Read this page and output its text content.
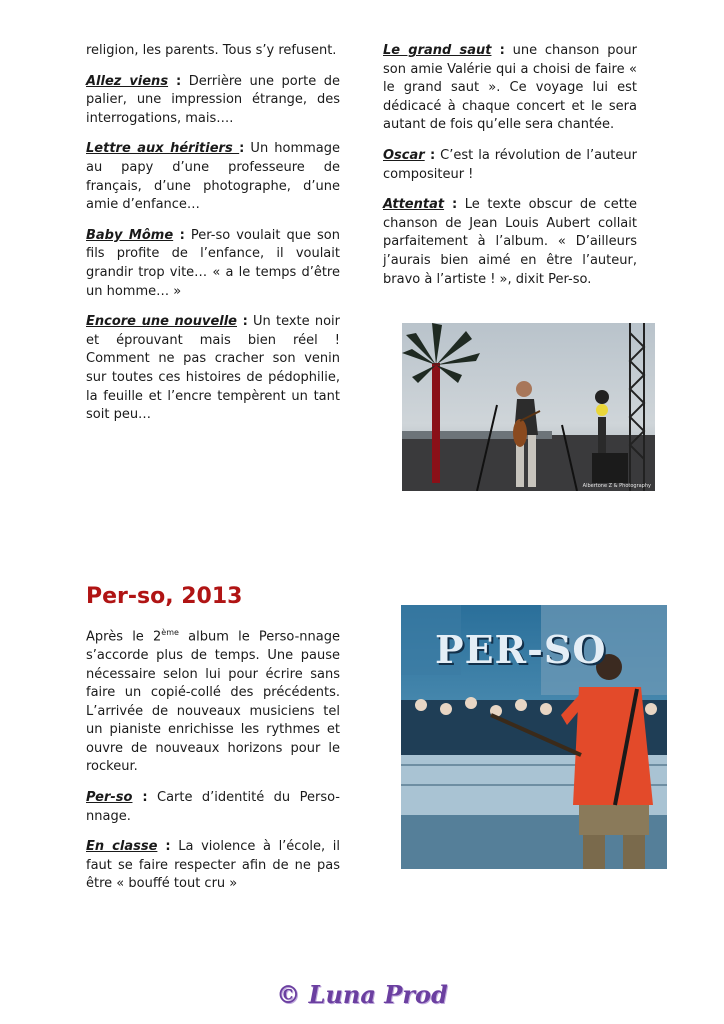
religion, les parents. Tous s’y refusent.

Allez viens : Derrière une porte de palier, une impression étrange, des interrogations, mais….

Lettre aux héritiers : Un hommage au papy d’une professeure de français, d’une photographe, d’une amie d’enfance…

Baby Môme : Per-so voulait que son fils profite de l’enfance, il voulait grandir trop vite… « a le temps d’être un homme… »

Encore une nouvelle : Un texte noir et éprouvant mais bien réel ! Comment ne pas cracher son venin sur toutes ces histoires de pédophilie, la feuille et l’encre tempèrent un tant soit peu…

Le grand saut : une chanson pour son amie Valérie qui a choisi de faire « le grand saut ». Ce voyage lui est dédicacé à chaque concert et le sera autant de fois qu’elle sera chantée.

Oscar : C’est la révolution de l’auteur compositeur !

Attentat : Le texte obscur de cette chanson de Jean Louis Aubert collait parfaitement à l’album. « D’ailleurs j’aurais bien aimé en être l’auteur, bravo à l’artiste ! », dixit Per-so.

Albertone Z & Photography
Per-so, 2013

Après le 2ème album le Perso-nnage s’accorde plus de temps. Une pause nécessaire selon lui pour écrire sans faire un copié-collé des précédents. L’arrivée de nouveaux musiciens tel un pianiste enrichisse les rythmes et ouvre de nouveaux horizons pour le rockeur.

Per-so : Carte d’identité du Perso-nnage.

En classe : La violence à l’école, il faut se faire respecter afin de ne pas être « bouffé tout cru »

PER-SO
© Luna Prod
